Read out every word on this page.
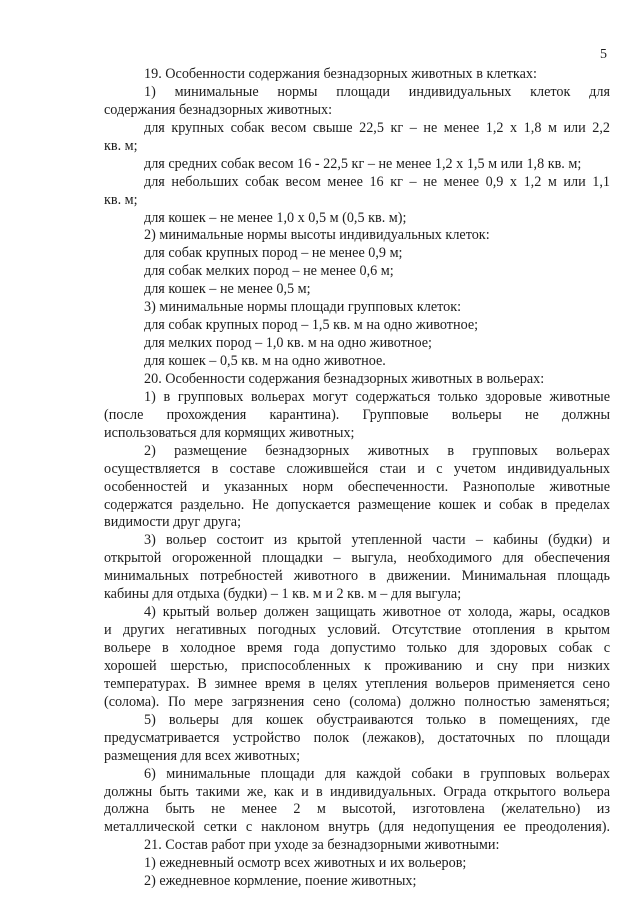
5
19. Особенности содержания безнадзорных животных в клетках:
1) минимальные нормы площади индивидуальных клеток для
содержания безнадзорных животных:
для крупных собак весом свыше 22,5 кг – не менее 1,2 х 1,8 м или 2,2
кв. м;
для средних собак весом 16 - 22,5 кг – не менее 1,2 х 1,5 м или 1,8 кв. м;
для небольших собак весом менее 16 кг – не менее 0,9 х 1,2 м или 1,1
кв. м;
для кошек – не менее 1,0 х 0,5 м (0,5 кв. м);
2) минимальные нормы высоты индивидуальных клеток:
для собак крупных пород – не менее 0,9 м;
для собак мелких пород – не менее 0,6 м;
для кошек – не менее 0,5 м;
3) минимальные нормы площади групповых клеток:
для собак крупных пород – 1,5 кв. м на одно животное;
для мелких пород – 1,0 кв. м на одно животное;
для кошек – 0,5 кв. м на одно животное.
20. Особенности содержания безнадзорных животных в вольерах:
1) в групповых вольерах могут содержаться только здоровые животные
(после прохождения карантина). Групповые вольеры не должны
использоваться для кормящих животных;
2) размещение безнадзорных животных в групповых вольерах
осуществляется в составе сложившейся стаи и с учетом индивидуальных
особенностей и указанных норм обеспеченности. Разнополые животные
содержатся раздельно. Не допускается размещение кошек и собак в пределах
видимости друг друга;
3) вольер состоит из крытой утепленной части – кабины (будки) и
открытой огороженной площадки – выгула, необходимого для обеспечения
минимальных потребностей животного в движении. Минимальная площадь
кабины для отдыха (будки) – 1 кв. м и 2 кв. м – для выгула;
4) крытый вольер должен защищать животное от холода, жары, осадков
и других негативных погодных условий. Отсутствие отопления в крытом
вольере в холодное время года допустимо только для здоровых собак с
хорошей шерстью, приспособленных к проживанию и сну при низких
температурах. В зимнее время в целях утепления вольеров применяется сено
(солома). По мере загрязнения сено (солома) должно полностью заменяться;
5) вольеры для кошек обустраиваются только в помещениях, где
предусматривается устройство полок (лежаков), достаточных по площади
размещения для всех животных;
6) минимальные площади для каждой собаки в групповых вольерах
должны быть такими же, как и в индивидуальных. Ограда открытого вольера
должна быть не менее 2 м высотой, изготовлена (желательно) из
металлической сетки с наклоном внутрь (для недопущения ее преодоления).
21. Состав работ при уходе за безнадзорными животными:
1) ежедневный осмотр всех животных и их вольеров;
2) ежедневное кормление, поение животных;
